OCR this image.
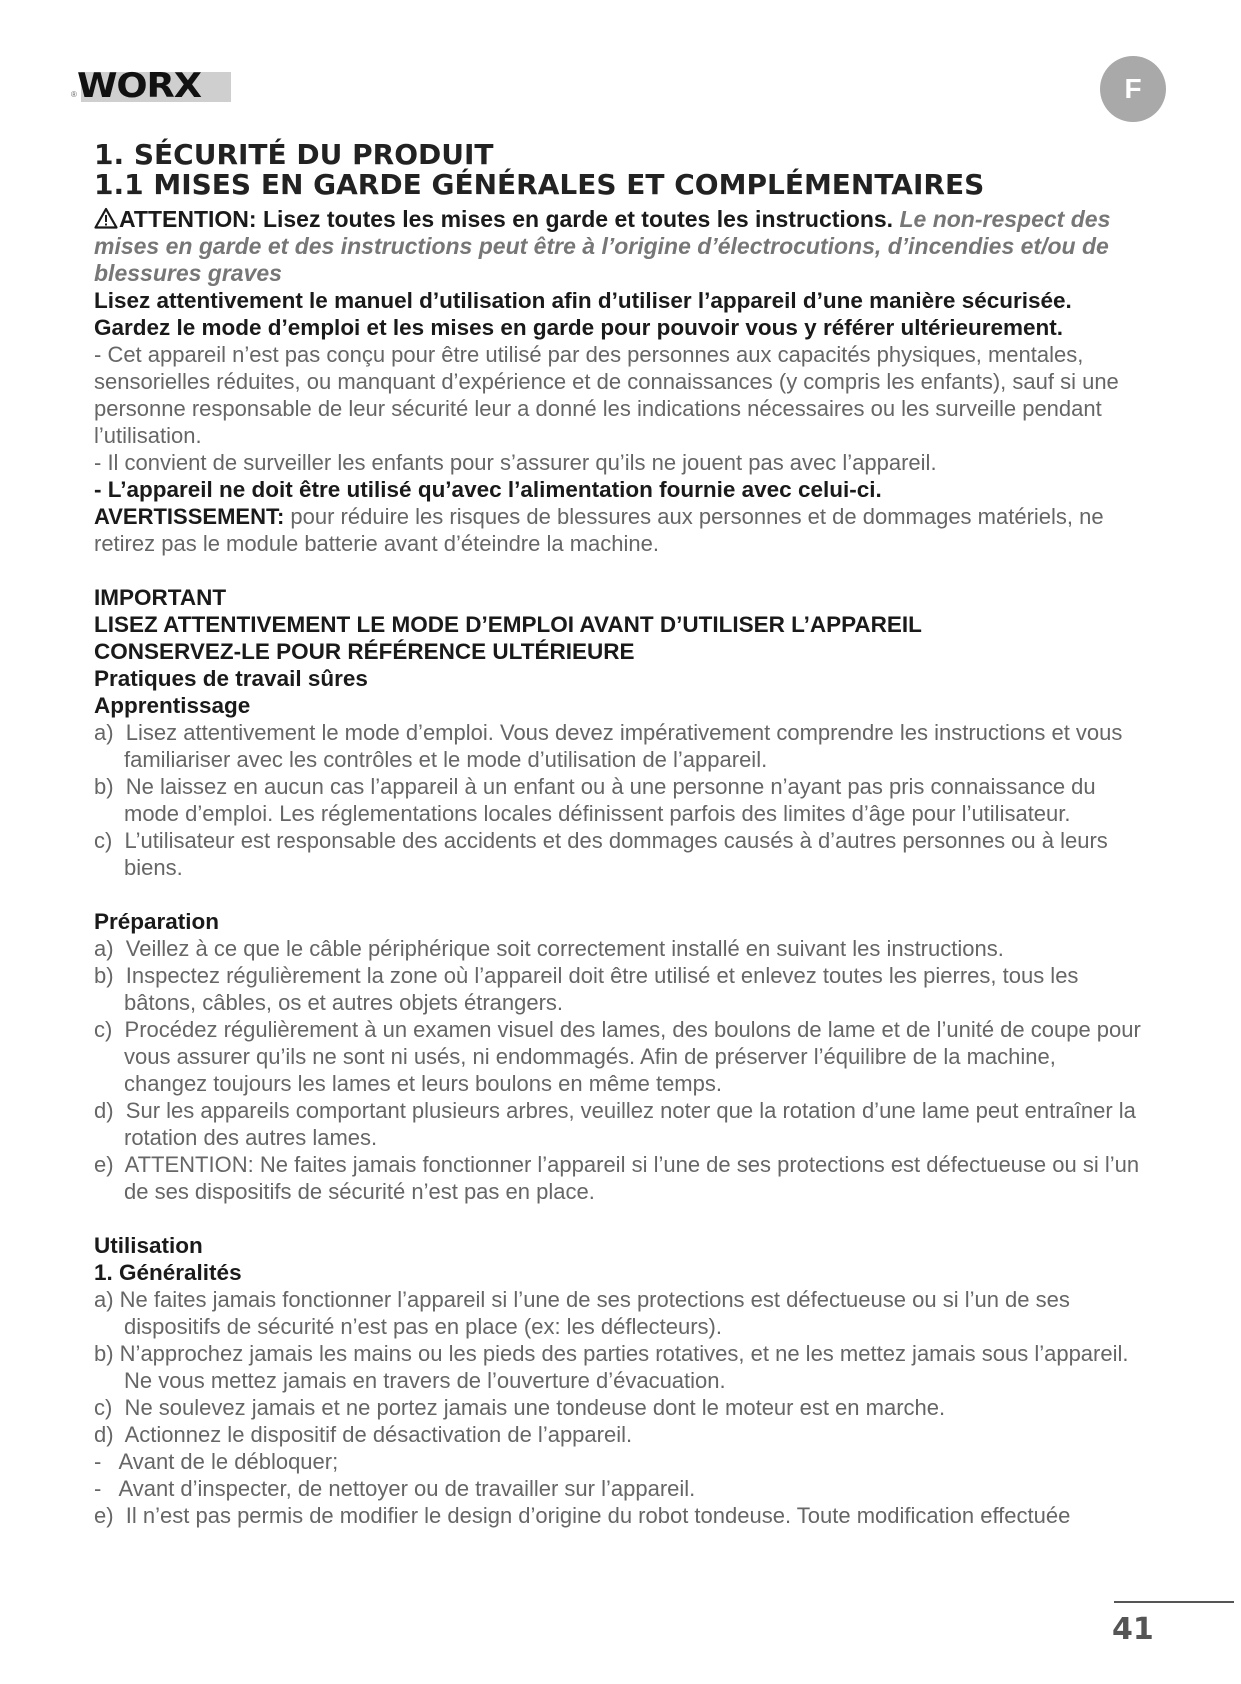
® WORX	F
1. SÉCURITÉ DU PRODUIT
1.1 MISES EN GARDE GÉNÉRALES ET COMPLÉMENTAIRES

ATTENTION: Lisez toutes les mises en garde et toutes les instructions. Le non-respect des mises en garde et des instructions peut être à l’origine d’électrocutions, d’incendies et/ou de blessures graves

Lisez attentivement le manuel d’utilisation afin d’utiliser l’appareil d’une manière sécurisée.

Gardez le mode d’emploi et les mises en garde pour pouvoir vous y référer ultérieurement.

- Cet appareil n’est pas conçu pour être utilisé par des personnes aux capacités physiques, mentales, sensorielles réduites, ou manquant d’expérience et de connaissances (y compris les enfants), sauf si une personne responsable de leur sécurité leur a donné les indications nécessaires ou les surveille pendant l’utilisation.

- Il convient de surveiller les enfants pour s’assurer qu’ils ne jouent pas avec l’appareil.

- L’appareil ne doit être utilisé qu’avec l’alimentation fournie avec celui-ci.

AVERTISSEMENT: pour réduire les risques de blessures aux personnes et de dommages matériels, ne retirez pas le module batterie avant d’éteindre la machine.

IMPORTANT

LISEZ ATTENTIVEMENT LE MODE D’EMPLOI AVANT D’UTILISER L’APPAREIL

CONSERVEZ-LE POUR RÉFÉRENCE ULTÉRIEURE

Pratiques de travail sûres

Apprentissage

a)  Lisez attentivement le mode d’emploi. Vous devez impérativement comprendre les instructions et vous familiariser avec les contrôles et le mode d’utilisation de l’appareil.

b)  Ne laissez en aucun cas l’appareil à un enfant ou à une personne n’ayant pas pris connaissance du mode d’emploi. Les réglementations locales définissent parfois des limites d’âge pour l’utilisateur.

c)  L’utilisateur est responsable des accidents et des dommages causés à d’autres personnes ou à leurs biens.

Préparation

a)  Veillez à ce que le câble périphérique soit correctement installé en suivant les instructions.

b)  Inspectez régulièrement la zone où l’appareil doit être utilisé et enlevez toutes les pierres, tous les bâtons, câbles, os et autres objets étrangers.

c)  Procédez régulièrement à un examen visuel des lames, des boulons de lame et de l’unité de coupe pour vous assurer qu’ils ne sont ni usés, ni endommagés. Afin de préserver l’équilibre de la machine, changez toujours les lames et leurs boulons en même temps.

d)  Sur les appareils comportant plusieurs arbres, veuillez noter que la rotation d’une lame peut entraîner la rotation des autres lames.

e)  ATTENTION: Ne faites jamais fonctionner l’appareil si l’une de ses protections est défectueuse ou si l’un de ses dispositifs de sécurité n’est pas en place.

Utilisation

1. Généralités

a) Ne faites jamais fonctionner l’appareil si l’une de ses protections est défectueuse ou si l’un de ses dispositifs de sécurité n’est pas en place (ex: les déflecteurs).

b) N’approchez jamais les mains ou les pieds des parties rotatives, et ne les mettez jamais sous l’appareil. Ne vous mettez jamais en travers de l’ouverture d’évacuation.

c)  Ne soulevez jamais et ne portez jamais une tondeuse dont le moteur est en marche.

d)  Actionnez le dispositif de désactivation de l’appareil.

-   Avant de le débloquer;

-   Avant d’inspecter, de nettoyer ou de travailler sur l’appareil.

e)  Il n’est pas permis de modifier le design d’origine du robot tondeuse. Toute modification effectuée

41
